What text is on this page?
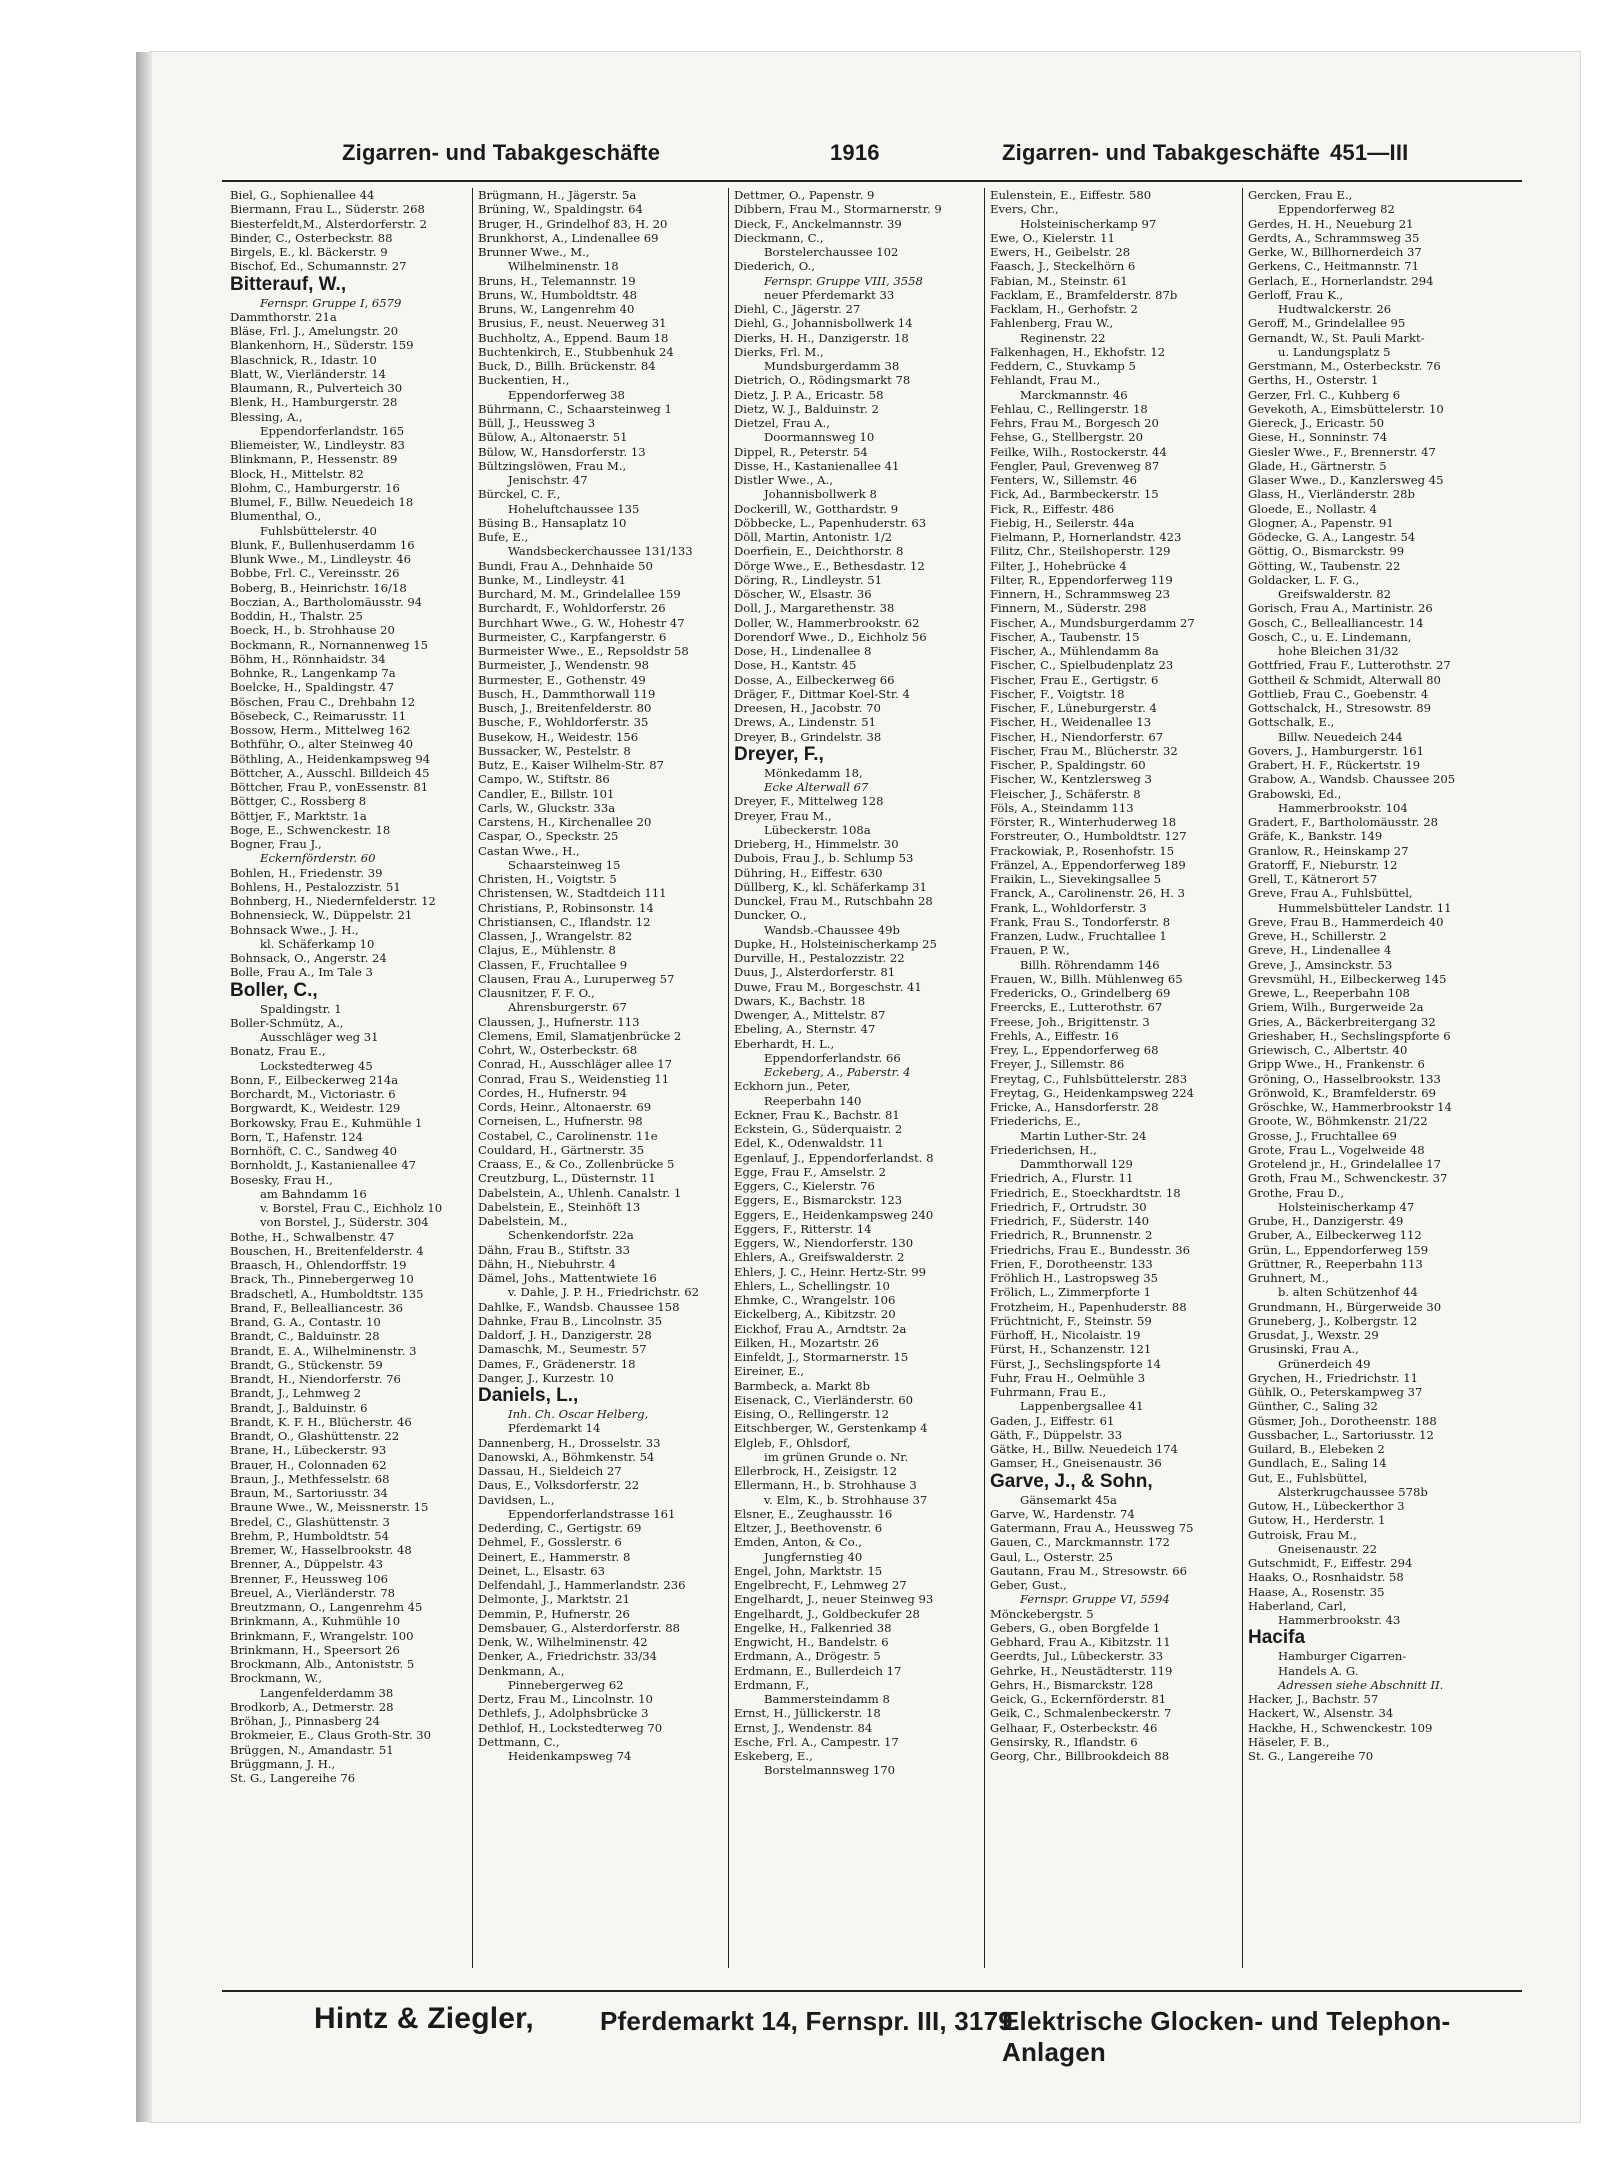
Zigarren- und Tabakgeschäfte	1916	Zigarren- und Tabakgeschäfte 451—III
Biel, G., Sophienallee 44
Biermann, Frau L., Süderstr. 268
Biesterfeldt,M., Alsterdorferstr. 2
Binder, C., Osterbeckstr. 88
Birgels, E., kl. Bäckerstr. 9
Bischof, Ed., Schumannstr. 27
Bitterauf, W.,
Fernspr. Gruppe I, 6579
Dammthorstr. 21a
Bläse, Frl. J., Amelungstr. 20
Blankenhorn, H., Süderstr. 159
Blaschnick, R., Idastr. 10
Blatt, W., Vierländerstr. 14
Blaumann, R., Pulverteich 30
Blenk, H., Hamburgerstr. 28
Blessing, A.,
Eppendorferlandstr. 165
Bliemeister, W., Lindleystr. 83
Blinkmann, P., Hessenstr. 89
Block, H., Mittelstr. 82
Blohm, C., Hamburgerstr. 16
Blumel, F., Billw. Neuedeich 18
Blumenthal, O.,
Fuhlsbüttelerstr. 40
Blunk, F., Bullenhuserdamm 16
Blunk Wwe., M., Lindleystr. 46
Bobbe, Frl. C., Vereinsstr. 26
Boberg, B., Heinrichstr. 16/18
Boczian, A., Bartholomäusstr. 94
Boddin, H., Thalstr. 25
Boeck, H., b. Strohhause 20
Bockmann, R., Nornannenweg 15
Böhm, H., Rönnhaidstr. 34
Bohnke, R., Langenkamp 7a
Boelcke, H., Spaldingstr. 47
Böschen, Frau C., Drehbahn 12
Bösebeck, C., Reimarusstr. 11
Bossow, Herm., Mittelweg 162
Bothführ, O., alter Steinweg 40
Böthling, A., Heidenkampsweg 94
Böttcher, A., Ausschl. Billdeich 45
Böttcher, Frau P., vonEssenstr. 81
Böttger, C., Rossberg 8
Böttjer, F., Marktstr. 1a
Boge, E., Schwenckestr. 18
Bogner, Frau J.,
Eckernförderstr. 60
Bohlen, H., Friedenstr. 39
Bohlens, H., Pestalozzistr. 51
Bohnberg, H., Niedernfelderstr. 12
Bohnensieck, W., Düppelstr. 21
Bohnsack Wwe., J. H.,
kl. Schäferkamp 10
Bohnsack, O., Angerstr. 24
Bolle, Frau A., Im Tale 3
Boller, C.,
Spaldingstr. 1
Boller-Schmütz, A.,
Ausschläger weg 31
Bonatz, Frau E.,
Lockstedterweg 45
Bonn, F., Eilbeckerweg 214a
Borchardt, M., Victoriastr. 6
Borgwardt, K., Weidestr. 129
Borkowsky, Frau E., Kuhmühle 1
Born, T., Hafenstr. 124
Bornhöft, C. C., Sandweg 40
Bornholdt, J., Kastanienallee 47
Bosesky, Frau H.,
am Bahndamm 16
v. Borstel, Frau C., Eichholz 10
von Borstel, J., Süderstr. 304
Bothe, H., Schwalbenstr. 47
Bouschen, H., Breitenfelderstr. 4
Braasch, H., Ohlendorffstr. 19
Brack, Th., Pinnebergerweg 10
Bradschetl, A., Humboldtstr. 135
Brand, F., Bellealliancestr. 36
Brand, G. A., Contastr. 10
Brandt, C., Balduinstr. 28
Brandt, E. A., Wilhelminenstr. 3
Brandt, G., Stückenstr. 59
Brandt, H., Niendorferstr. 76
Brandt, J., Lehmweg 2
Brandt, J., Balduinstr. 6
Brandt, K. F. H., Blücherstr. 46
Brandt, O., Glashüttenstr. 22
Brane, H., Lübeckerstr. 93
Brauer, H., Colonnaden 62
Braun, J., Methfesselstr. 68
Braun, M., Sartoriusstr. 34
Braune Wwe., W., Meissnerstr. 15
Bredel, C., Glashüttenstr. 3
Brehm, P., Humboldtstr. 54
Bremer, W., Hasselbrookstr. 48
Brenner, A., Düppelstr. 43
Brenner, F., Heussweg 106
Breuel, A., Vierländerstr. 78
Breutzmann, O., Langenrehm 45
Brinkmann, A., Kuhmühle 10
Brinkmann, F., Wrangelstr. 100
Brinkmann, H., Speersort 26
Brockmann, Alb., Antoniststr. 5
Brockmann, W.,
Langenfelderdamm 38
Brodkorb, A., Detmerstr. 28
Bröhan, J., Pinnasberg 24
Brokmeier, E., Claus Groth-Str. 30
Brüggen, N., Amandastr. 51
Brüggmann, J. H.,
St. G., Langereihe 76
Brügmann, H., Jägerstr. 5a
Brüning, W., Spaldingstr. 64
Bruger, H., Grindelhof 83, H. 20
Brunkhorst, A., Lindenallee 69
Brunner Wwe., M.,
Wilhelminenstr. 18
Bruns, H., Telemannstr. 19
Bruns, W., Humboldtstr. 48
Bruns, W., Langenrehm 40
Brusius, F., neust. Neuerweg 31
Buchholtz, A., Eppend. Baum 18
Buchtenkirch, E., Stubbenhuk 24
Buck, D., Billh. Brückenstr. 84
Buckentien, H.,
Eppendorferweg 38
Bührmann, C., Schaarsteinweg 1
Büll, J., Heussweg 3
Bülow, A., Altonaerstr. 51
Bülow, W., Hansdorferstr. 13
Bültzingslöwen, Frau M.,
Jenischstr. 47
Bürckel, C. F.,
Hoheluftchaussee 135
Büsing B., Hansaplatz 10
Bufe, E.,
Wandsbeckerchaussee 131/133
Bundi, Frau A., Dehnhaide 50
Bunke, M., Lindleystr. 41
Burchard, M. M., Grindelallee 159
Burchardt, F., Wohldorferstr. 26
Burchhart Wwe., G. W., Hohestr 47
Burmeister, C., Karpfangerstr. 6
Burmeister Wwe., E., Repsoldstr 58
Burmeister, J., Wendenstr. 98
Burmester, E., Gothenstr. 49
Busch, H., Dammthorwall 119
Busch, J., Breitenfelderstr. 80
Busche, F., Wohldorferstr. 35
Busekow, H., Weidestr. 156
Bussacker, W., Pestelstr. 8
Butz, E., Kaiser Wilhelm-Str. 87
Campo, W., Stiftstr. 86
Candler, E., Billstr. 101
Carls, W., Gluckstr. 33a
Carstens, H., Kirchenallee 20
Caspar, O., Speckstr. 25
Castan Wwe., H.,
Schaarsteinweg 15
Christen, H., Voigtstr. 5
Christensen, W., Stadtdeich 111
Christians, P., Robinsonstr. 14
Christiansen, C., Iflandstr. 12
Classen, J., Wrangelstr. 82
Clajus, E., Mühlenstr. 8
Classen, F., Fruchtallee 9
Clausen, Frau A., Luruperweg 57
Clausnitzer, F. F. O.,
Ahrensburgerstr. 67
Claussen, J., Hufnerstr. 113
Clemens, Emil, Slamatjenbrücke 2
Cohrt, W., Osterbeckstr. 68
Conrad, H., Ausschläger allee 17
Conrad, Frau S., Weidenstieg 11
Cordes, H., Hufnerstr. 94
Cords, Heinr., Altonaerstr. 69
Corneisen, L., Hufnerstr. 98
Costabel, C., Carolinenstr. 11e
Couldard, H., Gärtnerstr. 35
Craass, E., & Co., Zollenbrücke 5
Creutzburg, L., Düsternstr. 11
Dabelstein, A., Uhlenh. Canalstr. 1
Dabelstein, E., Steinhöft 13
Dabelstein, M.,
Schenkendorfstr. 22a
Dähn, Frau B., Stiftstr. 33
Dähn, H., Niebuhrstr. 4
Dämel, Johs., Mattentwiete 16
v. Dahle, J. P. H., Friedrichstr. 62
Dahlke, F., Wandsb. Chaussee 158
Dahnke, Frau B., Lincolnstr. 35
Daldorf, J. H., Danzigerstr. 28
Damaschk, M., Seumestr. 57
Dames, F., Grädenerstr. 18
Danger, J., Kurzestr. 10
Daniels, L.,
Inh. Ch. Oscar Helberg,
Pferdemarkt 14
Dannenberg, H., Drosselstr. 33
Danowski, A., Böhmkenstr. 54
Dassau, H., Sieldeich 27
Daus, E., Volksdorferstr. 22
Davidsen, L.,
Eppendorferlandstrasse 161
Dederding, C., Gertigstr. 69
Dehmel, F., Gosslerstr. 6
Deinert, E., Hammerstr. 8
Deinet, L., Elsastr. 63
Delfendahl, J., Hammerlandstr. 236
Delmonte, J., Marktstr. 21
Demmin, P., Hufnerstr. 26
Demsbauer, G., Alsterdorferstr. 88
Denk, W., Wilhelminenstr. 42
Denker, A., Friedrichstr. 33/34
Denkmann, A.,
Pinnebergerweg 62
Dertz, Frau M., Lincolnstr. 10
Dethlefs, J., Adolphsbrücke 3
Dethlof, H., Lockstedterweg 70
Dettmann, C.,
Heidenkampsweg 74
Dettmer, O., Papenstr. 9
Dibbern, Frau M., Stormarnerstr. 9
Dieck, F., Anckelmannstr. 39
Dieckmann, C.,
Borstelerchaussee 102
Diederich, O.,
Fernspr. Gruppe VIII, 3558
neuer Pferdemarkt 33
Diehl, C., Jägerstr. 27
Diehl, G., Johannisbollwerk 14
Dierks, H. H., Danzigerstr. 18
Dierks, Frl. M.,
Mundsburgerdamm 38
Dietrich, O., Rödingsmarkt 78
Dietz, J. P. A., Ericastr. 58
Dietz, W. J., Balduinstr. 2
Dietzel, Frau A.,
Doormannsweg 10
Dippel, R., Peterstr. 54
Disse, H., Kastanienallee 41
Distler Wwe., A.,
Johannisbollwerk 8
Dockerill, W., Gotthardstr. 9
Döbbecke, L., Papenhuderstr. 63
Döll, Martin, Antonistr. 1/2
Doerfiein, E., Deichthorstr. 8
Dörge Wwe., E., Bethesdastr. 12
Döring, R., Lindleystr. 51
Döscher, W., Elsastr. 36
Doll, J., Margarethenstr. 38
Doller, W., Hammerbrookstr. 62
Dorendorf Wwe., D., Eichholz 56
Dose, H., Lindenallee 8
Dose, H., Kantstr. 45
Dosse, A., Eilbeckerweg 66
Dräger, F., Dittmar Koel-Str. 4
Dreesen, H., Jacobstr. 70
Drews, A., Lindenstr. 51
Dreyer, B., Grindelstr. 38
Dreyer, F.,
Mönkedamm 18,
Ecke Alterwall 67
Dreyer, F., Mittelweg 128
Dreyer, Frau M.,
Lübeckerstr. 108a
Drieberg, H., Himmelstr. 30
Dubois, Frau J., b. Schlump 53
Dühring, H., Eiffestr. 630
Düllberg, K., kl. Schäferkamp 31
Dunckel, Frau M., Rutschbahn 28
Duncker, O.,
Wandsb.-Chaussee 49b
Dupke, H., Holsteinischerkamp 25
Durville, H., Pestalozzistr. 22
Duus, J., Alsterdorferstr. 81
Duwe, Frau M., Borgeschstr. 41
Dwars, K., Bachstr. 18
Dwenger, A., Mittelstr. 87
Ebeling, A., Sternstr. 47
Eberhardt, H. L.,
Eppendorferlandstr. 66
Eckeberg, A., Paberstr. 4
Eckhorn jun., Peter,
Reeperbahn 140
Eckner, Frau K., Bachstr. 81
Eckstein, G., Süderquaistr. 2
Edel, K., Odenwaldstr. 11
Egenlauf, J., Eppendorferlandst. 8
Egge, Frau F., Amselstr. 2
Eggers, C., Kielerstr. 76
Eggers, E., Bismarckstr. 123
Eggers, E., Heidenkampsweg 240
Eggers, F., Ritterstr. 14
Eggers, W., Niendorferstr. 130
Ehlers, A., Greifswalderstr. 2
Ehlers, J. C., Heinr. Hertz-Str. 99
Ehlers, L., Schellingstr. 10
Ehmke, C., Wrangelstr. 106
Eickelberg, A., Kibitzstr. 20
Eickhof, Frau A., Arndtstr. 2a
Eilken, H., Mozartstr. 26
Einfeldt, J., Stormarnerstr. 15
Eireiner, E.,
Barmbeck, a. Markt 8b
Eisenack, C., Vierländerstr. 60
Eising, O., Rellingerstr. 12
Eitschberger, W., Gerstenkamp 4
Elgleb, F., Ohlsdorf,
im grünen Grunde o. Nr.
Ellerbrock, H., Zeisigstr. 12
Ellermann, H., b. Strohhause 3
v. Elm, K., b. Strohhause 37
Elsner, E., Zeughausstr. 16
Eltzer, J., Beethovenstr. 6
Emden, Anton, & Co.,
Jungfernstieg 40
Engel, John, Marktstr. 15
Engelbrecht, F., Lehmweg 27
Engelhardt, J., neuer Steinweg 93
Engelhardt, J., Goldbeckufer 28
Engelke, H., Falkenried 38
Engwicht, H., Bandelstr. 6
Erdmann, A., Drögestr. 5
Erdmann, E., Bullerdeich 17
Erdmann, F.,
Bammersteindamm 8
Ernst, H., Jüllickerstr. 18
Ernst, J., Wendenstr. 84
Esche, Frl. A., Campestr. 17
Eskeberg, E.,
Borstelmannsweg 170
Eulenstein, E., Eiffestr. 580
Evers, Chr.,
Holsteinischerkamp 97
Ewe, O., Kielerstr. 11
Ewers, H., Geibelstr. 28
Faasch, J., Steckelhörn 6
Fabian, M., Steinstr. 61
Facklam, E., Bramfelderstr. 87b
Facklam, H., Gerhofstr. 2
Fahlenberg, Frau W.,
Reginenstr. 22
Falkenhagen, H., Ekhofstr. 12
Feddern, C., Stuvkamp 5
Fehlandt, Frau M.,
Marckmannstr. 46
Fehlau, C., Rellingerstr. 18
Fehrs, Frau M., Borgesch 20
Fehse, G., Stellbergstr. 20
Feilke, Wilh., Rostockerstr. 44
Fengler, Paul, Grevenweg 87
Fenters, W., Sillemstr. 46
Fick, Ad., Barmbeckerstr. 15
Fick, R., Eiffestr. 486
Fiebig, H., Seilerstr. 44a
Fielmann, P., Hornerlandstr. 423
Filitz, Chr., Steilshoperstr. 129
Filter, J., Hohebrücke 4
Filter, R., Eppendorferweg 119
Finnern, H., Schrammsweg 23
Finnern, M., Süderstr. 298
Fischer, A., Mundsburgerdamm 27
Fischer, A., Taubenstr. 15
Fischer, A., Mühlendamm 8a
Fischer, C., Spielbudenplatz 23
Fischer, Frau E., Gertigstr. 6
Fischer, F., Voigtstr. 18
Fischer, F., Lüneburgerstr. 4
Fischer, H., Weidenallee 13
Fischer, H., Niendorferstr. 67
Fischer, Frau M., Blücherstr. 32
Fischer, P., Spaldingstr. 60
Fischer, W., Kentzlersweg 3
Fleischer, J., Schäferstr. 8
Föls, A., Steindamm 113
Förster, R., Winterhuderweg 18
Forstreuter, O., Humboldtstr. 127
Frackowiak, P., Rosenhofstr. 15
Fränzel, A., Eppendorferweg 189
Fraikin, L., Sievekingsallee 5
Franck, A., Carolinenstr. 26, H. 3
Frank, L., Wohldorferstr. 3
Frank, Frau S., Tondorferstr. 8
Franzen, Ludw., Fruchtallee 1
Frauen, P. W.,
Billh. Röhrendamm 146
Frauen, W., Billh. Mühlenweg 65
Fredericks, O., Grindelberg 69
Freercks, E., Lutterothstr. 67
Freese, Joh., Brigittenstr. 3
Frehls, A., Eiffestr. 16
Frey, L., Eppendorferweg 68
Freyer, J., Sillemstr. 86
Freytag, C., Fuhlsbüttelerstr. 283
Freytag, G., Heidenkampsweg 224
Fricke, A., Hansdorferstr. 28
Friederichs, E.,
Martin Luther-Str. 24
Friederichsen, H.,
Dammthorwall 129
Friedrich, A., Flurstr. 11
Friedrich, E., Stoeckhardtstr. 18
Friedrich, F., Ortrudstr. 30
Friedrich, F., Süderstr. 140
Friedrich, R., Brunnenstr. 2
Friedrichs, Frau E., Bundesstr. 36
Frien, F., Dorotheenstr. 133
Fröhlich H., Lastropsweg 35
Frölich, L., Zimmerpforte 1
Frotzheim, H., Papenhuderstr. 88
Früchtnicht, F., Steinstr. 59
Fürhoff, H., Nicolaistr. 19
Fürst, H., Schanzenstr. 121
Fürst, J., Sechslingspforte 14
Fuhr, Frau H., Oelmühle 3
Fuhrmann, Frau E.,
Lappenbergsallee 41
Gaden, J., Eiffestr. 61
Gäth, F., Düppelstr. 33
Gätke, H., Billw. Neuedeich 174
Gamser, H., Gneisenaustr. 36
Garve, J., & Sohn,
Gänsemarkt 45a
Garve, W., Hardenstr. 74
Gatermann, Frau A., Heussweg 75
Gauen, C., Marckmannstr. 172
Gaul, L., Osterstr. 25
Gautann, Frau M., Stresowstr. 66
Geber, Gust.,
Fernspr. Gruppe VI, 5594
Mönckebergstr. 5
Gebers, G., oben Borgfelde 1
Gebhard, Frau A., Kibitzstr. 11
Geerdts, Jul., Lübeckerstr. 33
Gehrke, H., Neustädterstr. 119
Gehrs, H., Bismarckstr. 128
Geick, G., Eckernförderstr. 81
Geik, C., Schmalenbeckerstr. 7
Gelhaar, F., Osterbeckstr. 46
Gensirsky, R., Iflandstr. 6
Georg, Chr., Billbrookdeich 88
Gercken, Frau E.,
Eppendorferweg 82
Gerdes, H. H., Neueburg 21
Gerdts, A., Schrammsweg 35
Gerke, W., Billhornerdeich 37
Gerkens, C., Heitmannstr. 71
Gerlach, E., Hornerlandstr. 294
Gerloff, Frau K.,
Hudtwalckerstr. 26
Geroff, M., Grindelallee 95
Gernandt, W., St. Pauli Markt-
u. Landungsplatz 5
Gerstmann, M., Osterbeckstr. 76
Gerths, H., Osterstr. 1
Gerzer, Frl. C., Kuhberg 6
Gevekoth, A., Eimsbüttelerstr. 10
Giereck, J., Ericastr. 50
Giese, H., Sonninstr. 74
Giesler Wwe., F., Brennerstr. 47
Glade, H., Gärtnerstr. 5
Glaser Wwe., D., Kanzlersweg 45
Glass, H., Vierländerstr. 28b
Gloede, E., Nollastr. 4
Glogner, A., Papenstr. 91
Gödecke, G. A., Langestr. 54
Göttig, O., Bismarckstr. 99
Götting, W., Taubenstr. 22
Goldacker, L. F. G.,
Greifswalderstr. 82
Gorisch, Frau A., Martinistr. 26
Gosch, C., Bellealliancestr. 14
Gosch, C., u. E. Lindemann,
hohe Bleichen 31/32
Gottfried, Frau F., Lutterothstr. 27
Gottheil & Schmidt, Alterwall 80
Gottlieb, Frau C., Goebenstr. 4
Gottschalck, H., Stresowstr. 89
Gottschalk, E.,
Billw. Neuedeich 244
Govers, J., Hamburgerstr. 161
Grabert, H. F., Rückertstr. 19
Grabow, A., Wandsb. Chaussee 205
Grabowski, Ed.,
Hammerbrookstr. 104
Gradert, F., Bartholomäusstr. 28
Gräfe, K., Bankstr. 149
Granlow, R., Heinskamp 27
Gratorff, F., Nieburstr. 12
Grell, T., Kätnerort 57
Greve, Frau A., Fuhlsbüttel,
Hummelsbütteler Landstr. 11
Greve, Frau B., Hammerdeich 40
Greve, H., Schillerstr. 2
Greve, H., Lindenallee 4
Greve, J., Amsinckstr. 53
Grevsmühl, H., Eilbeckerweg 145
Grewe, L., Reeperbahn 108
Griem, Wilh., Burgerweide 2a
Gries, A., Bäckerbreitergang 32
Grieshaber, H., Sechslingspforte 6
Griewisch, C., Albertstr. 40
Gripp Wwe., H., Frankenstr. 6
Gröning, O., Hasselbrookstr. 133
Grönwold, K., Bramfelderstr. 69
Gröschke, W., Hammerbrookstr 14
Groote, W., Böhmkenstr. 21/22
Grosse, J., Fruchtallee 69
Grote, Frau L., Vogelweide 48
Grotelend jr., H., Grindelallee 17
Groth, Frau M., Schwenckestr. 37
Grothe, Frau D.,
Holsteinischerkamp 47
Grube, H., Danzigerstr. 49
Gruber, A., Eilbeckerweg 112
Grün, L., Eppendorferweg 159
Grüttner, R., Reeperbahn 113
Gruhnert, M.,
b. alten Schützenhof 44
Grundmann, H., Bürgerweide 30
Gruneberg, J., Kolbergstr. 12
Grusdat, J., Wexstr. 29
Grusinski, Frau A.,
Grünerdeich 49
Grychen, H., Friedrichstr. 11
Gühlk, O., Peterskampweg 37
Günther, C., Saling 32
Güsmer, Joh., Dorotheenstr. 188
Gussbacher, L., Sartoriusstr. 12
Guilard, B., Elebeken 2
Gundlach, E., Saling 14
Gut, E., Fuhlsbüttel,
Alsterkrugchaussee 578b
Gutow, H., Lübeckerthor 3
Gutow, H., Herderstr. 1
Gutroisk, Frau M.,
Gneisenaustr. 22
Gutschmidt, F., Eiffestr. 294
Haaks, O., Rosnhaidstr. 58
Haase, A., Rosenstr. 35
Haberland, Carl,
Hammerbrookstr. 43
Hacifa
Hamburger Cigarren-
Handels A. G.
Adressen siehe Abschnitt II.
Hacker, J., Bachstr. 57
Hackert, W., Alsenstr. 34
Hackhe, H., Schwenckestr. 109
Häseler, F. B.,
St. G., Langereihe 70
Hintz & Ziegler,	Pferdemarkt 14, Fernspr. III, 3179.
Elektrische Glocken- und Telephon-Anlagen
